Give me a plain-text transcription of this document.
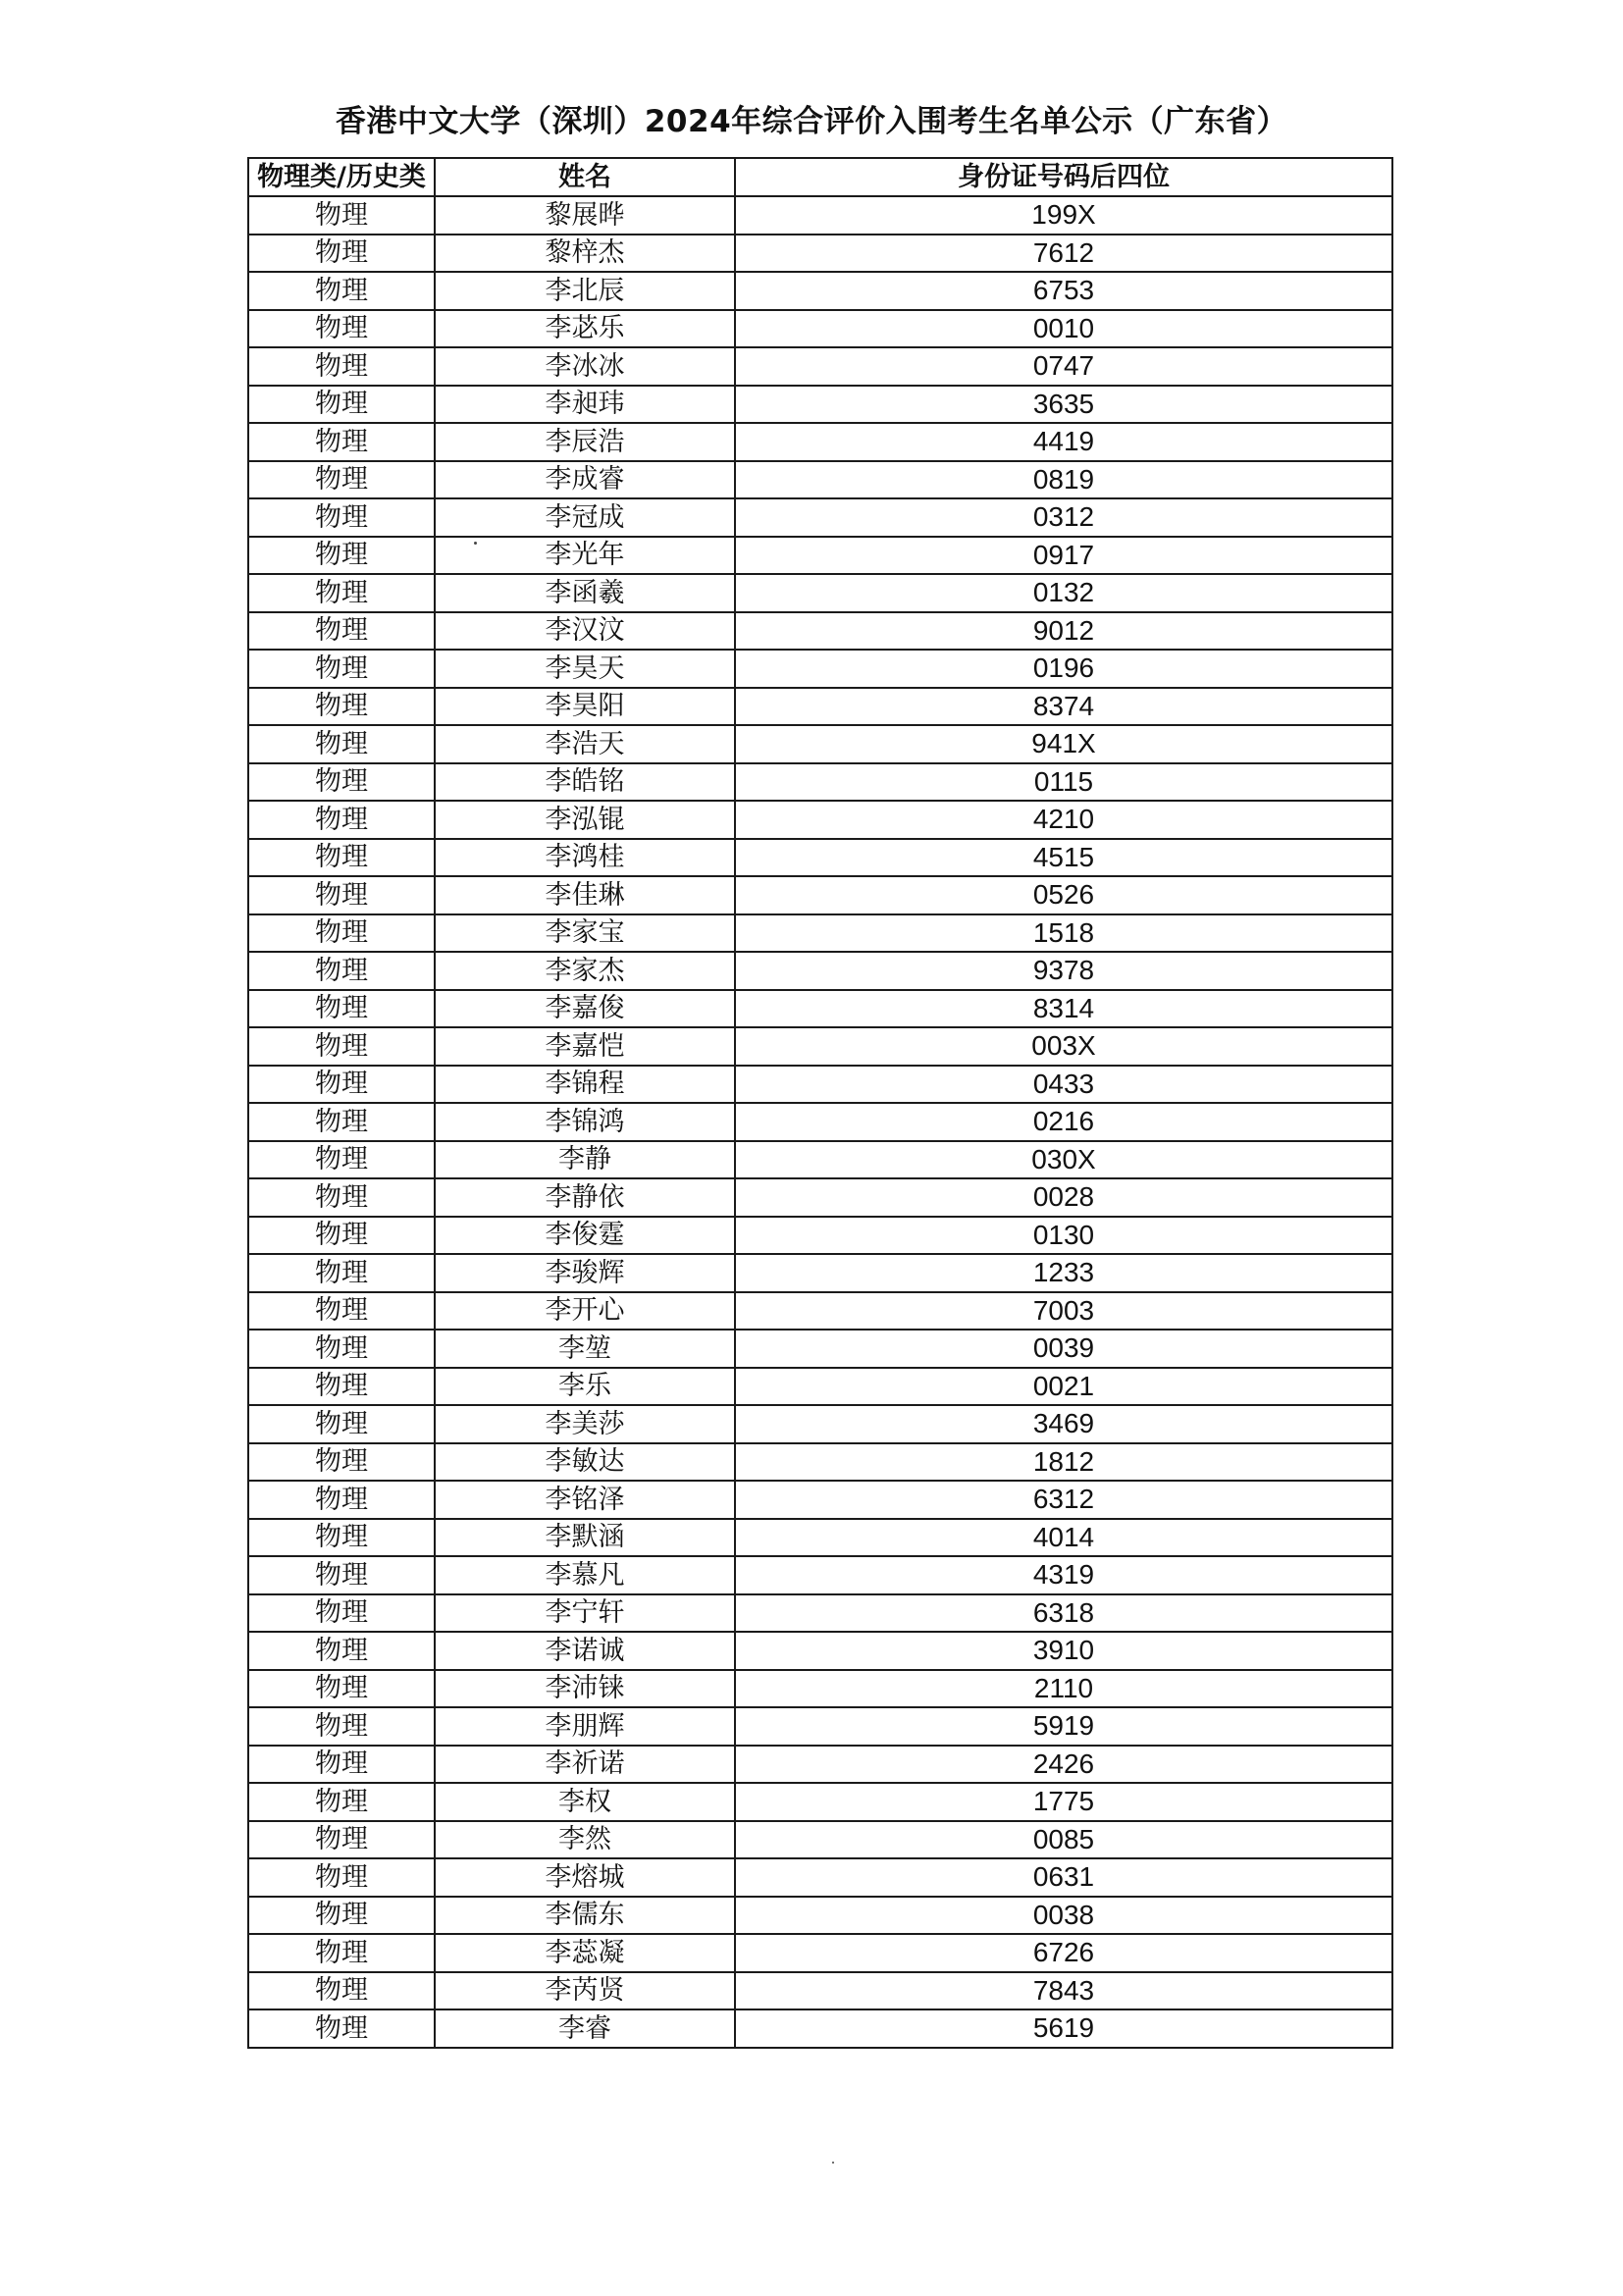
香港中文大学（深圳）2024年综合评价入围考生名单公示（广东省）
物理类/历史类	姓名	身份证号码后四位
物理	黎展晔	199X
物理	黎梓杰	7612
物理	李北辰	6753
物理	李苾乐	0010
物理	李冰冰	0747
物理	李昶玮	3635
物理	李辰浩	4419
物理	李成睿	0819
物理	李冠成	0312
物理	李光年	0917
物理	李函羲	0132
物理	李汉汶	9012
物理	李昊天	0196
物理	李昊阳	8374
物理	李浩天	941X
物理	李皓铭	0115
物理	李泓锟	4210
物理	李鸿桂	4515
物理	李佳琳	0526
物理	李家宝	1518
物理	李家杰	9378
物理	李嘉俊	8314
物理	李嘉恺	003X
物理	李锦程	0433
物理	李锦鸿	0216
物理	李静	030X
物理	李静依	0028
物理	李俊霆	0130
物理	李骏辉	1233
物理	李开心	7003
物理	李堃	0039
物理	李乐	0021
物理	李美莎	3469
物理	李敏达	1812
物理	李铭泽	6312
物理	李默涵	4014
物理	李慕凡	4319
物理	李宁轩	6318
物理	李诺诚	3910
物理	李沛铼	2110
物理	李朋辉	5919
物理	李祈诺	2426
物理	李权	1775
物理	李然	0085
物理	李熔城	0631
物理	李儒东	0038
物理	李蕊凝	6726
物理	李芮贤	7843
物理	李睿	5619
